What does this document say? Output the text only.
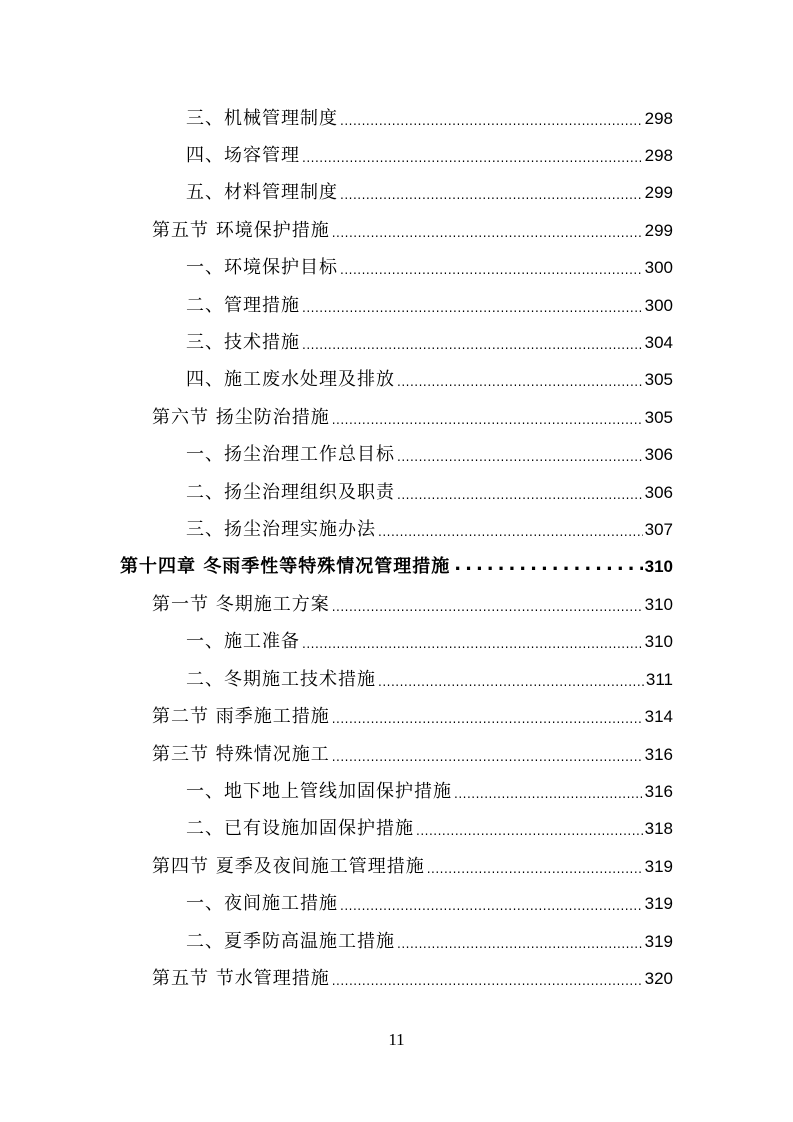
三、机械管理制度 .....	298
四、场容管理 .....	298
五、材料管理制度 .....	299
第五节 环境保护措施 .....	299
一、环境保护目标 .....	300
二、管理措施 .....	300
三、技术措施 .....	304
四、施工废水处理及排放 .....	305
第六节 扬尘防治措施 .....	305
一、扬尘治理工作总目标 .....	306
二、扬尘治理组织及职责 .....	306
三、扬尘治理实施办法 .....	307
第十四章 冬雨季性等特殊情况管理措施 .....	310
第一节 冬期施工方案 .....	310
一、施工准备 .....	310
二、冬期施工技术措施 .....	311
第二节 雨季施工措施 .....	314
第三节 特殊情况施工 .....	316
一、地下地上管线加固保护措施 .....	316
二、已有设施加固保护措施 .....	318
第四节 夏季及夜间施工管理措施 .....	319
一、夜间施工措施 .....	319
二、夏季防高温施工措施 .....	319
第五节 节水管理措施 .....	320
11
